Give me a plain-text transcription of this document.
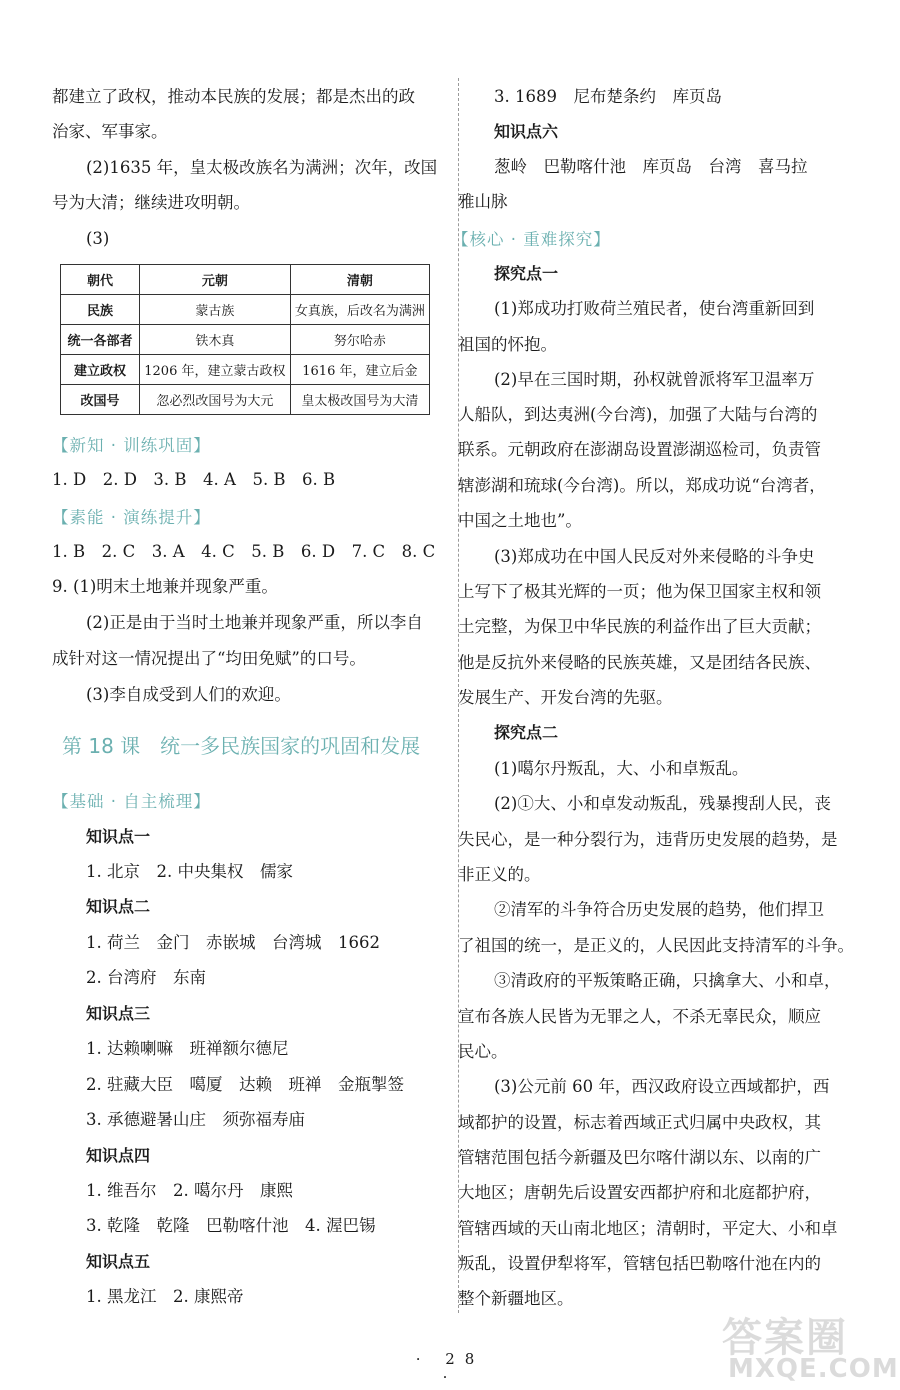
都建立了政权，推动本民族的发展；都是杰出的政
治家、军事家。
(2)1635 年，皇太极改族名为满洲；次年，改国
号为大清；继续进攻明朝。
(3)
朝代	元朝	清朝
民族	蒙古族	女真族，后改名为满洲
统一各部者	铁木真	努尔哈赤
建立政权	1206 年，建立蒙古政权	1616 年，建立后金
改国号	忽必烈改国号为大元	皇太极改国号为大清
【新知 · 训练巩固】
1. D　2. D　3. B　4. A　5. B　6. B
【素能 · 演练提升】
1. B　2. C　3. A　4. C　5. B　6. D　7. C　8. C
9. (1)明末土地兼并现象严重。
(2)正是由于当时土地兼并现象严重，所以李自
成针对这一情况提出了“均田免赋”的口号。
(3)李自成受到人们的欢迎。
第 18 课　统一多民族国家的巩固和发展
【基础 · 自主梳理】
知识点一
1. 北京　2. 中央集权　儒家
知识点二
1. 荷兰　金门　赤嵌城　台湾城　1662
2. 台湾府　东南
知识点三
1. 达赖喇嘛　班禅额尔德尼
2. 驻藏大臣　噶厦　达赖　班禅　金瓶掣签
3. 承德避暑山庄　须弥福寿庙
知识点四
1. 维吾尔　2. 噶尔丹　康熙
3. 乾隆　乾隆　巴勒喀什池　4. 渥巴锡
知识点五
1. 黑龙江　2. 康熙帝
3. 1689　尼布楚条约　库页岛
知识点六
葱岭　巴勒喀什池　库页岛　台湾　喜马拉
雅山脉
【核心 · 重难探究】
探究点一
(1)郑成功打败荷兰殖民者，使台湾重新回到
祖国的怀抱。
(2)早在三国时期，孙权就曾派将军卫温率万
人船队，到达夷洲(今台湾)，加强了大陆与台湾的
联系。元朝政府在澎湖岛设置澎湖巡检司，负责管
辖澎湖和琉球(今台湾)。所以，郑成功说“台湾者，
中国之土地也”。
(3)郑成功在中国人民反对外来侵略的斗争史
上写下了极其光辉的一页；他为保卫国家主权和领
土完整，为保卫中华民族的利益作出了巨大贡献；
他是反抗外来侵略的民族英雄，又是团结各民族、
发展生产、开发台湾的先驱。
探究点二
(1)噶尔丹叛乱，大、小和卓叛乱。
(2)①大、小和卓发动叛乱，残暴搜刮人民，丧
失民心，是一种分裂行为，违背历史发展的趋势，是
非正义的。
②清军的斗争符合历史发展的趋势，他们捍卫
了祖国的统一，是正义的，人民因此支持清军的斗争。
③清政府的平叛策略正确，只擒拿大、小和卓，
宣布各族人民皆为无罪之人，不杀无辜民众，顺应
民心。
(3)公元前 60 年，西汉政府设立西域都护，西
域都护的设置，标志着西域正式归属中央政权，其
管辖范围包括今新疆及巴尔喀什湖以东、以南的广
大地区；唐朝先后设置安西都护府和北庭都护府，
管辖西域的天山南北地区；清朝时，平定大、小和卓
叛乱，设置伊犁将军，管辖包括巴勒喀什池在内的
整个新疆地区。
· 28 ·
答案圈
MXQE.COM
